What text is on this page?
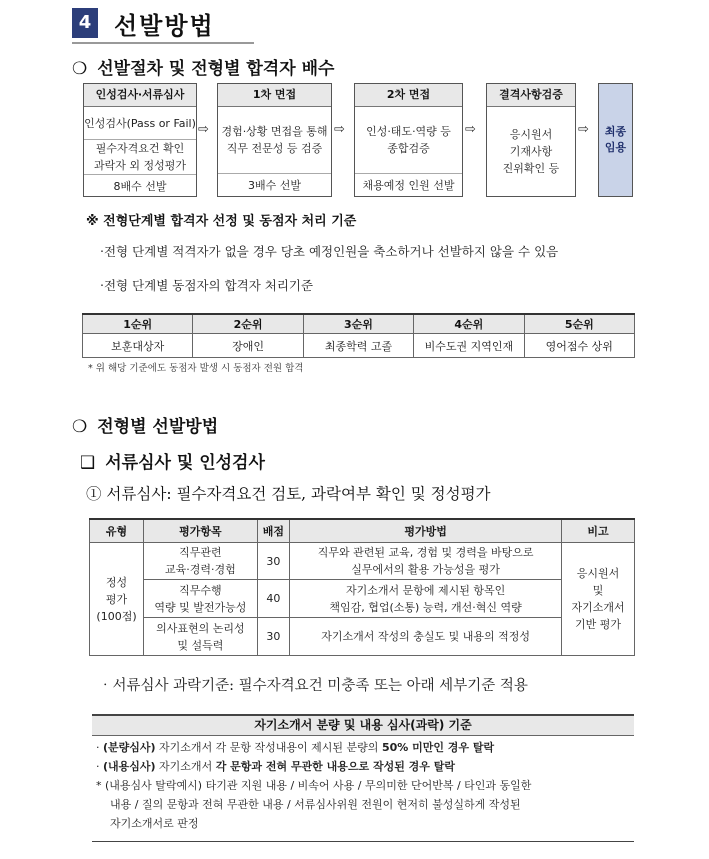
4 선발방법
❍ 선발절차 및 전형별 합격자 배수
인성검사‧서류심사
인성검사(Pass or Fail)
필수자격요건 확인
과락자 외 정성평가
8배수 선발
⇨
1차 면접
경험‧상황 면접을 통해
직무 전문성 등 검증
3배수 선발
⇨
2차 면접
인성‧태도‧역량 등
종합검증
채용예정 인원 선발
⇨
결격사항검증
응시원서
기재사항
진위확인 등
⇨ 최종
임용
※ 전형단계별 합격자 선정 및 동점자 처리 기준
‧전형 단계별 적격자가 없을 경우 당초 예정인원을 축소하거나 선발하지 않을 수 있음
‧전형 단계별 동점자의 합격자 처리기준
1순위	2순위	3순위	4순위	5순위
보훈대상자	장애인	최종학력 고졸	비수도권 지역인재	영어점수 상위
* 위 해당 기준에도 동점자 발생 시 동점자 전원 합격
❍ 전형별 선발방법
❑ 서류심사 및 인성검사
① 서류심사: 필수자격요건 검토, 과락여부 확인 및 정성평가
유형	평가항목	배점	평가방법	비고
정성
평가
(100점)	직무관련
교육‧경력‧경험	30	직무와 관련된 교육, 경험 및 경력을 바탕으로
실무에서의 활용 가능성을 평가	응시원서
및
자기소개서
기반 평가
	직무수행
역량 및 발전가능성	40	자기소개서 문항에 제시된 항목인
책임감, 협업(소통) 능력, 개선‧혁신 역량	
	의사표현의 논리성
및 설득력	30	자기소개서 작성의 충실도 및 내용의 적정성	
‧서류심사 과락기준: 필수자격요건 미충족 또는 아래 세부기준 적용
자기소개서 분량 및 내용 심사(과락) 기준
· (분량심사) 자기소개서 각 문항 작성내용이 제시된 분량의 50% 미만인 경우 탈락
· (내용심사) 자기소개서 각 문항과 전혀 무관한 내용으로 작성된 경우 탈락
* (내용심사 탈락예시) 타기관 지원 내용 / 비속어 사용 / 무의미한 단어반복 / 타인과 동일한
내용 / 질의 문항과 전혀 무관한 내용 / 서류심사위원 전원이 현저히 불성실하게 작성된
자기소개서로 판정
